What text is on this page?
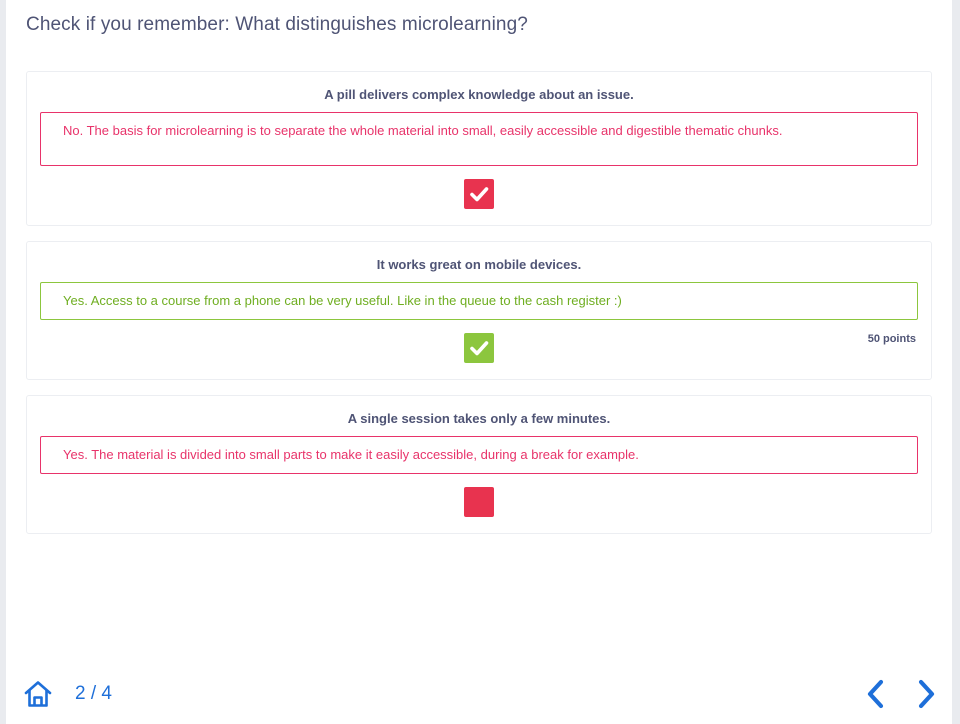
Check if you remember: What distinguishes microlearning?
A pill delivers complex knowledge about an issue.
No. The basis for microlearning is to separate the whole material into small, easily accessible and digestible thematic chunks.
It works great on mobile devices.
Yes. Access to a course from a phone can be very useful. Like in the queue to the cash register :)
50 points
A single session takes only a few minutes.
Yes. The material is divided into small parts to make it easily accessible, during a break for example.
2 / 4
